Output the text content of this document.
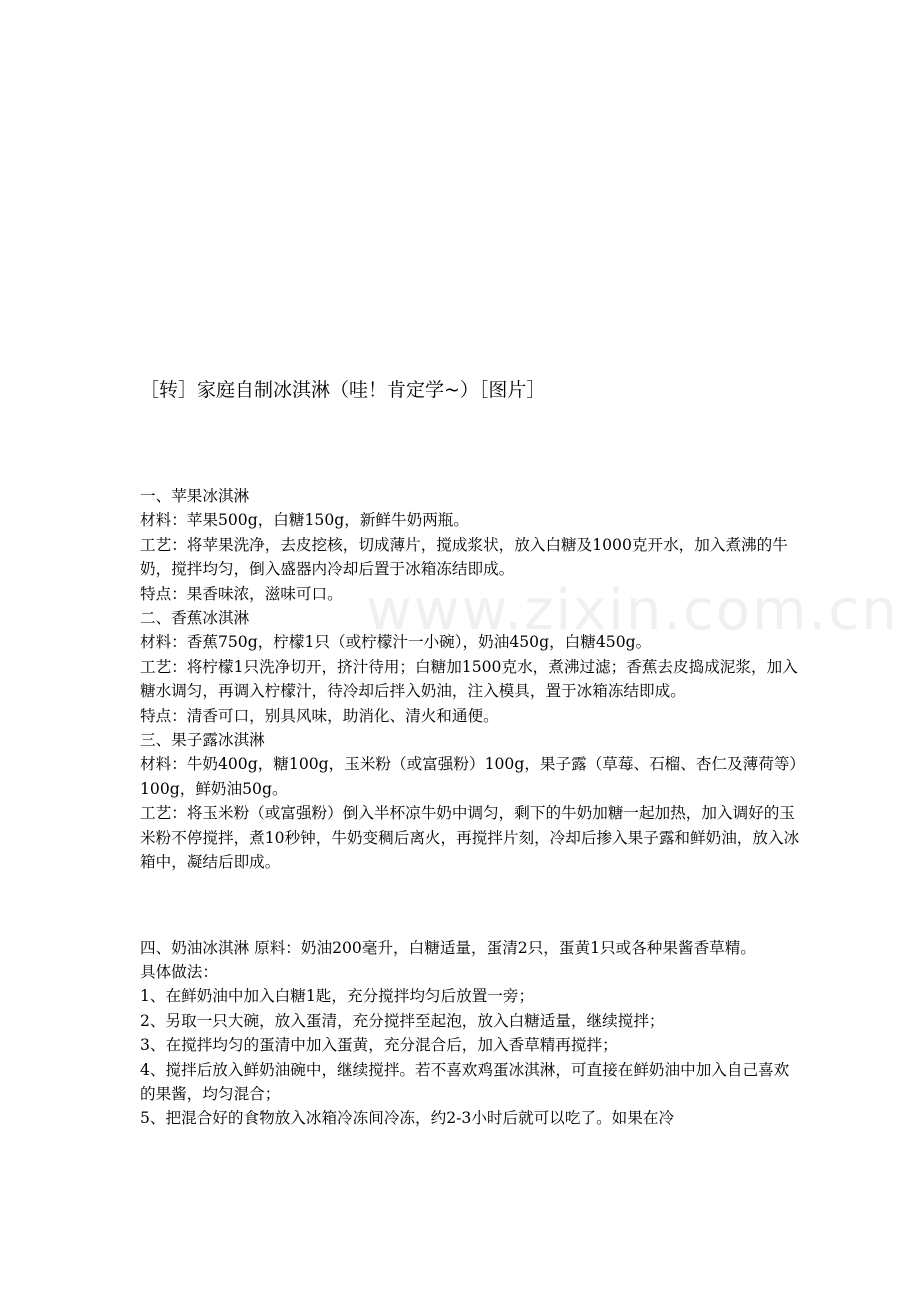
www.zixin.com.cn
［转］家庭自制冰淇淋（哇！肯定学~）［图片］

一、苹果冰淇淋

材料：苹果500g，白糖150g，新鲜牛奶两瓶。

工艺：将苹果洗净，去皮挖核，切成薄片，搅成浆状，放入白糖及1000克开水，加入煮沸的牛奶，搅拌均匀，倒入盛器内冷却后置于冰箱冻结即成。

特点：果香味浓，滋味可口。

二、香蕉冰淇淋

材料：香蕉750g，柠檬1只（或柠檬汁一小碗），奶油450g，白糖450g。

工艺：将柠檬1只洗净切开，挤汁待用；白糖加1500克水，煮沸过滤；香蕉去皮捣成泥浆，加入糖水调匀，再调入柠檬汁，待冷却后拌入奶油，注入模具，置于冰箱冻结即成。

特点：清香可口，别具风味，助消化、清火和通便。

三、果子露冰淇淋

材料：牛奶400g，糖100g，玉米粉（或富强粉）100g，果子露（草莓、石榴、杏仁及薄荷等）100g，鲜奶油50g。

工艺：将玉米粉（或富强粉）倒入半杯凉牛奶中调匀，剩下的牛奶加糖一起加热，加入调好的玉米粉不停搅拌，煮10秒钟，牛奶变稠后离火，再搅拌片刻，冷却后掺入果子露和鲜奶油，放入冰箱中，凝结后即成。

四、奶油冰淇淋 原料：奶油200毫升，白糖适量，蛋清2只，蛋黄1只或各种果酱香草精。

具体做法：

1、在鲜奶油中加入白糖1匙，充分搅拌均匀后放置一旁；

2、另取一只大碗，放入蛋清，充分搅拌至起泡，放入白糖适量，继续搅拌；

3、在搅拌均匀的蛋清中加入蛋黄，充分混合后，加入香草精再搅拌；

4、搅拌后放入鲜奶油碗中，继续搅拌。若不喜欢鸡蛋冰淇淋，可直接在鲜奶油中加入自己喜欢的果酱，均匀混合；

5、把混合好的食物放入冰箱冷冻间冷冻，约2-3小时后就可以吃了。如果在冷
